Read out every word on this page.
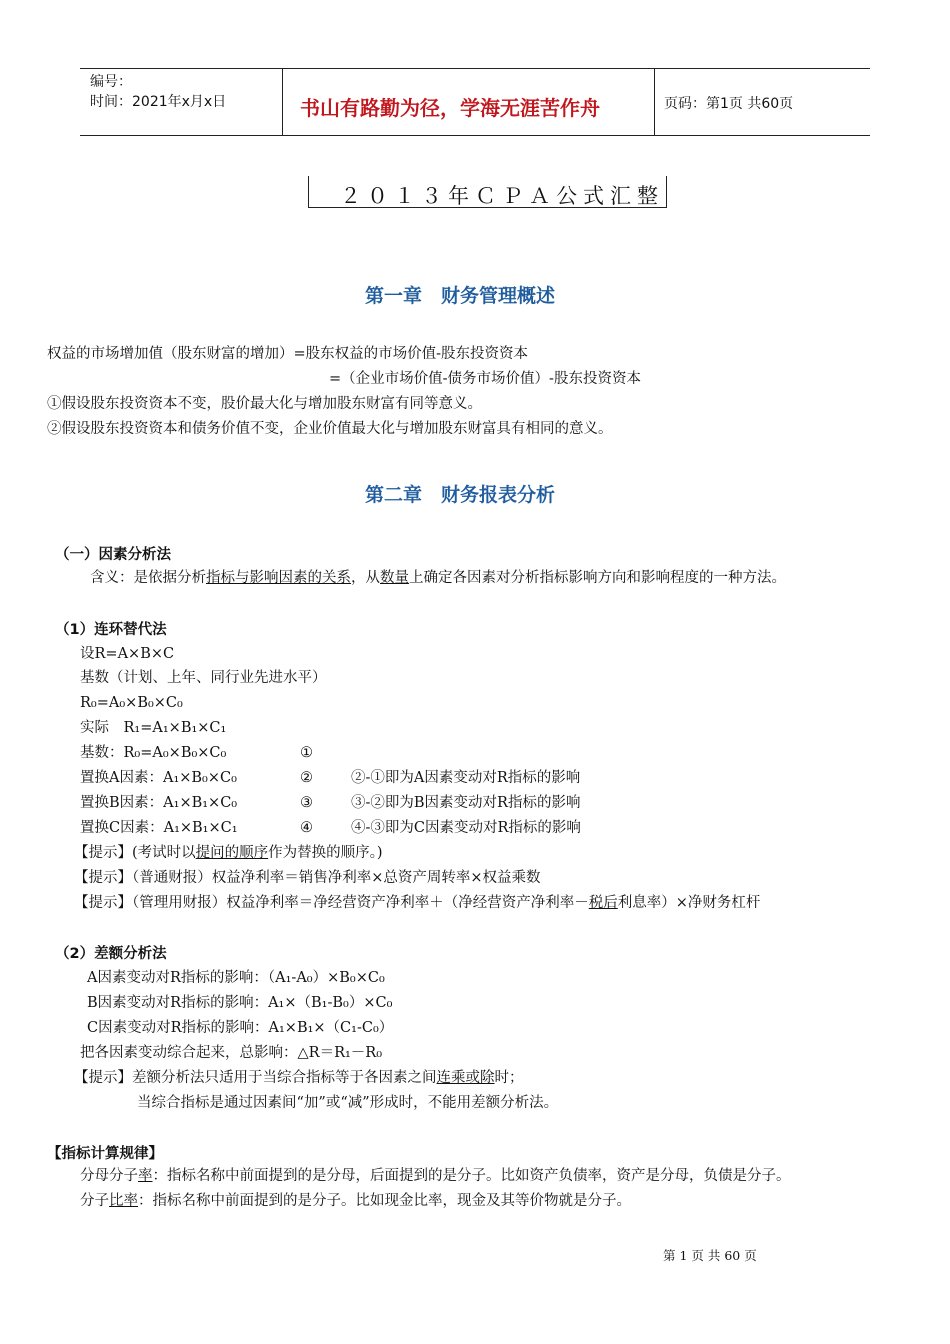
编号：
时间：2021年x月x日	书山有路勤为径，学海无涯苦作舟	页码：第1页 共60页
２０１３年ＣＰＡ公式汇整
第一章　财务管理概述
权益的市场增加值（股东财富的增加）=股东权益的市场价值-股东投资资本
=（企业市场价值-债务市场价值）-股东投资资本
①假设股东投资资本不变，股价最大化与增加股东财富有同等意义。
②假设股东投资资本和债务价值不变，企业价值最大化与增加股东财富具有相同的意义。
第二章　财务报表分析
（一）因素分析法
含义：是依据分析指标与影响因素的关系，从数量上确定各因素对分析指标影响方向和影响程度的一种方法。
（1）连环替代法
设R=A×B×C
基数（计划、上年、同行业先进水平）
R₀=A₀×B₀×C₀
实际　R₁=A₁×B₁×C₁
基数：R₀=A₀×B₀×C₀	①
置换A因素：A₁×B₀×C₀	②	②-①即为A因素变动对R指标的影响
置换B因素：A₁×B₁×C₀	③	③-②即为B因素变动对R指标的影响
置换C因素：A₁×B₁×C₁	④	④-③即为C因素变动对R指标的影响
【提示】(考试时以提问的顺序作为替换的顺序。)
【提示】（普通财报）权益净利率＝销售净利率×总资产周转率×权益乘数
【提示】（管理用财报）权益净利率＝净经营资产净利率＋（净经营资产净利率－税后利息率）×净财务杠杆
（2）差额分析法
A因素变动对R指标的影响：（A₁-A₀）×B₀×C₀
B因素变动对R指标的影响：A₁×（B₁-B₀）×C₀
C因素变动对R指标的影响：A₁×B₁×（C₁-C₀）
把各因素变动综合起来，总影响：△R＝R₁－R₀
【提示】差额分析法只适用于当综合指标等于各因素之间连乘或除时；
当综合指标是通过因素间“加”或“减”形成时，不能用差额分析法。
【指标计算规律】
分母分子率：指标名称中前面提到的是分母，后面提到的是分子。比如资产负债率，资产是分母，负债是分子。
分子比率：指标名称中前面提到的是分子。比如现金比率，现金及其等价物就是分子。
第 1 页 共 60 页
